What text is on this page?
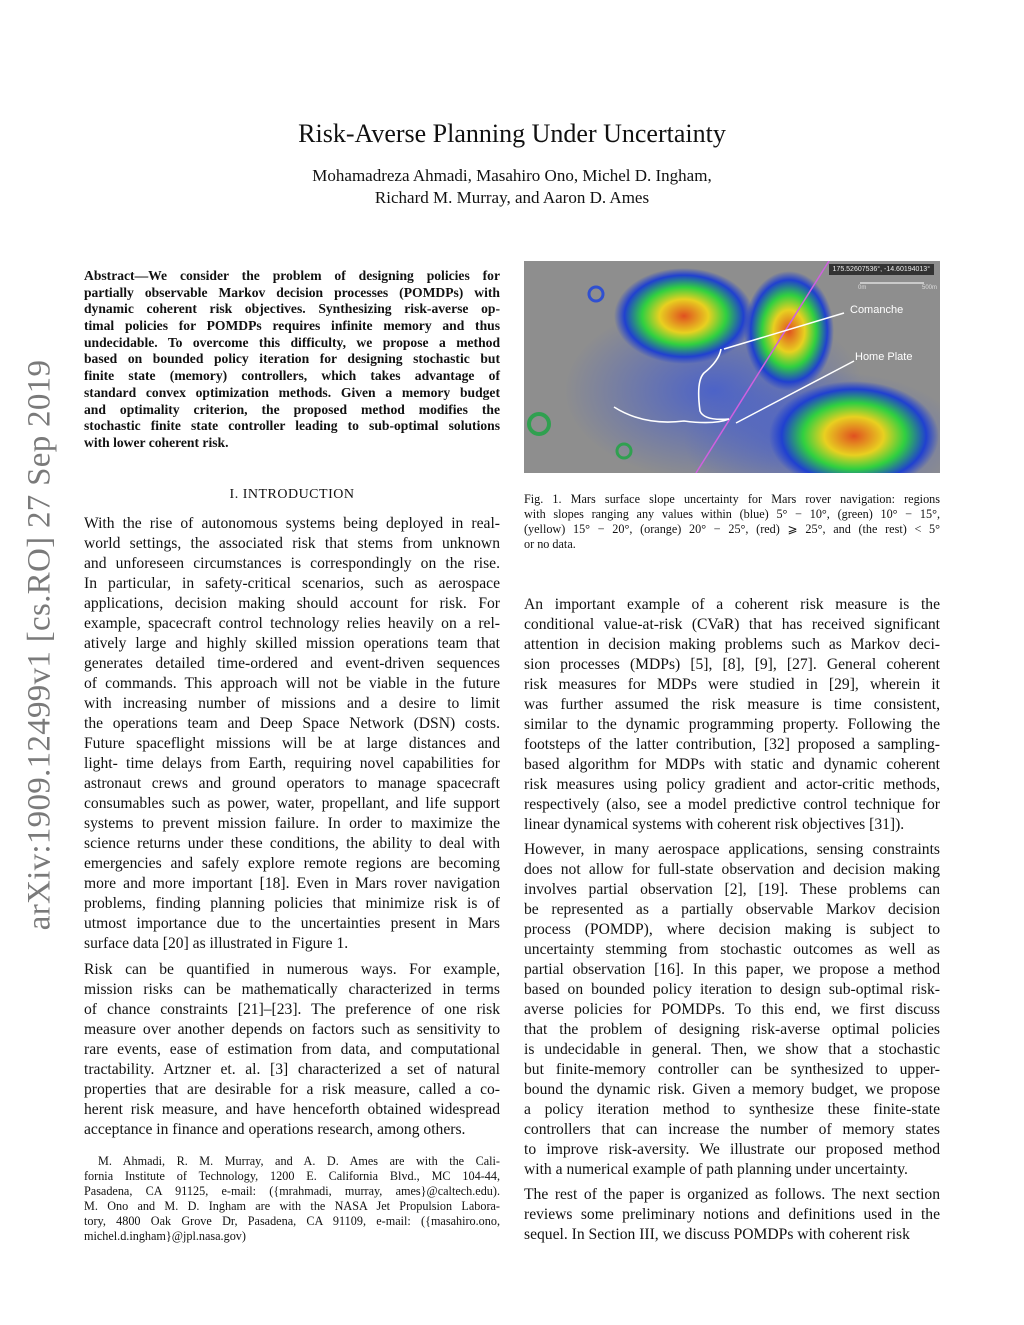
arXiv:1909.12499v1 [cs.RO] 27 Sep 2019
Risk-Averse Planning Under Uncertainty
Mohamadreza Ahmadi, Masahiro Ono, Michel D. Ingham,
Richard M. Murray, and Aaron D. Ames
Abstract—We consider the problem of designing policies for
partially observable Markov decision processes (POMDPs) with
dynamic coherent risk objectives. Synthesizing risk-averse op-
timal policies for POMDPs requires infinite memory and thus
undecidable. To overcome this difficulty, we propose a method
based on bounded policy iteration for designing stochastic but
finite state (memory) controllers, which takes advantage of
standard convex optimization methods. Given a memory budget
and optimality criterion, the proposed method modifies the
stochastic finite state controller leading to sub-optimal solutions
with lower coherent risk.
I. INTRODUCTION
With the rise of autonomous systems being deployed in real-
world settings, the associated risk that stems from unknown
and unforeseen circumstances is correspondingly on the rise.
In particular, in safety-critical scenarios, such as aerospace
applications, decision making should account for risk. For
example, spacecraft control technology relies heavily on a rel-
atively large and highly skilled mission operations team that
generates detailed time-ordered and event-driven sequences
of commands. This approach will not be viable in the future
with increasing number of missions and a desire to limit
the operations team and Deep Space Network (DSN) costs.
Future spaceflight missions will be at large distances and
light- time delays from Earth, requiring novel capabilities for
astronaut crews and ground operators to manage spacecraft
consumables such as power, water, propellant, and life support
systems to prevent mission failure. In order to maximize the
science returns under these conditions, the ability to deal with
emergencies and safely explore remote regions are becoming
more and more important [18]. Even in Mars rover navigation
problems, finding planning policies that minimize risk is of
utmost importance due to the uncertainties present in Mars
surface data [20] as illustrated in Figure 1.
Risk can be quantified in numerous ways. For example,
mission risks can be mathematically characterized in terms
of chance constraints [21]–[23]. The preference of one risk
measure over another depends on factors such as sensitivity to
rare events, ease of estimation from data, and computational
tractability. Artzner et. al. [3] characterized a set of natural
properties that are desirable for a risk measure, called a co-
herent risk measure, and have henceforth obtained widespread
acceptance in finance and operations research, among others.
M. Ahmadi, R. M. Murray, and A. D. Ames are with the Cali-
fornia Institute of Technology, 1200 E. California Blvd., MC 104-44,
Pasadena, CA 91125, e-mail: ({mrahmadi, murray, ames}@caltech.edu).
M. Ono and M. D. Ingham are with the NASA Jet Propulsion Labora-
tory, 4800 Oak Grove Dr, Pasadena, CA 91109, e-mail: ({masahiro.ono,
michel.d.ingham}@jpl.nasa.gov)
175.52607536°, -14.60194013°
0m	500m
Comanche
Home Plate
Fig. 1. Mars surface slope uncertainty for Mars rover navigation: regions
with slopes ranging any values within (blue) 5° − 10°, (green) 10° − 15°,
(yellow) 15° − 20°, (orange) 20° − 25°, (red) ⩾ 25°, and (the rest) < 5°
or no data.
An important example of a coherent risk measure is the
conditional value-at-risk (CVaR) that has received significant
attention in decision making problems such as Markov deci-
sion processes (MDPs) [5], [8], [9], [27]. General coherent
risk measures for MDPs were studied in [29], wherein it
was further assumed the risk measure is time consistent,
similar to the dynamic programming property. Following the
footsteps of the latter contribution, [32] proposed a sampling-
based algorithm for MDPs with static and dynamic coherent
risk measures using policy gradient and actor-critic methods,
respectively (also, see a model predictive control technique for
linear dynamical systems with coherent risk objectives [31]).
However, in many aerospace applications, sensing constraints
does not allow for full-state observation and decision making
involves partial observation [2], [19]. These problems can
be represented as a partially observable Markov decision
process (POMDP), where decision making is subject to
uncertainty stemming from stochastic outcomes as well as
partial observation [16]. In this paper, we propose a method
based on bounded policy iteration to design sub-optimal risk-
averse policies for POMDPs. To this end, we first discuss
that the problem of designing risk-averse optimal policies
is undecidable in general. Then, we show that a stochastic
but finite-memory controller can be synthesized to upper-
bound the dynamic risk. Given a memory budget, we propose
a policy iteration method to synthesize these finite-state
controllers that can increase the number of memory states
to improve risk-aversity. We illustrate our proposed method
with a numerical example of path planning under uncertainty.
The rest of the paper is organized as follows. The next section
reviews some preliminary notions and definitions used in the
sequel. In Section III, we discuss POMDPs with coherent risk
